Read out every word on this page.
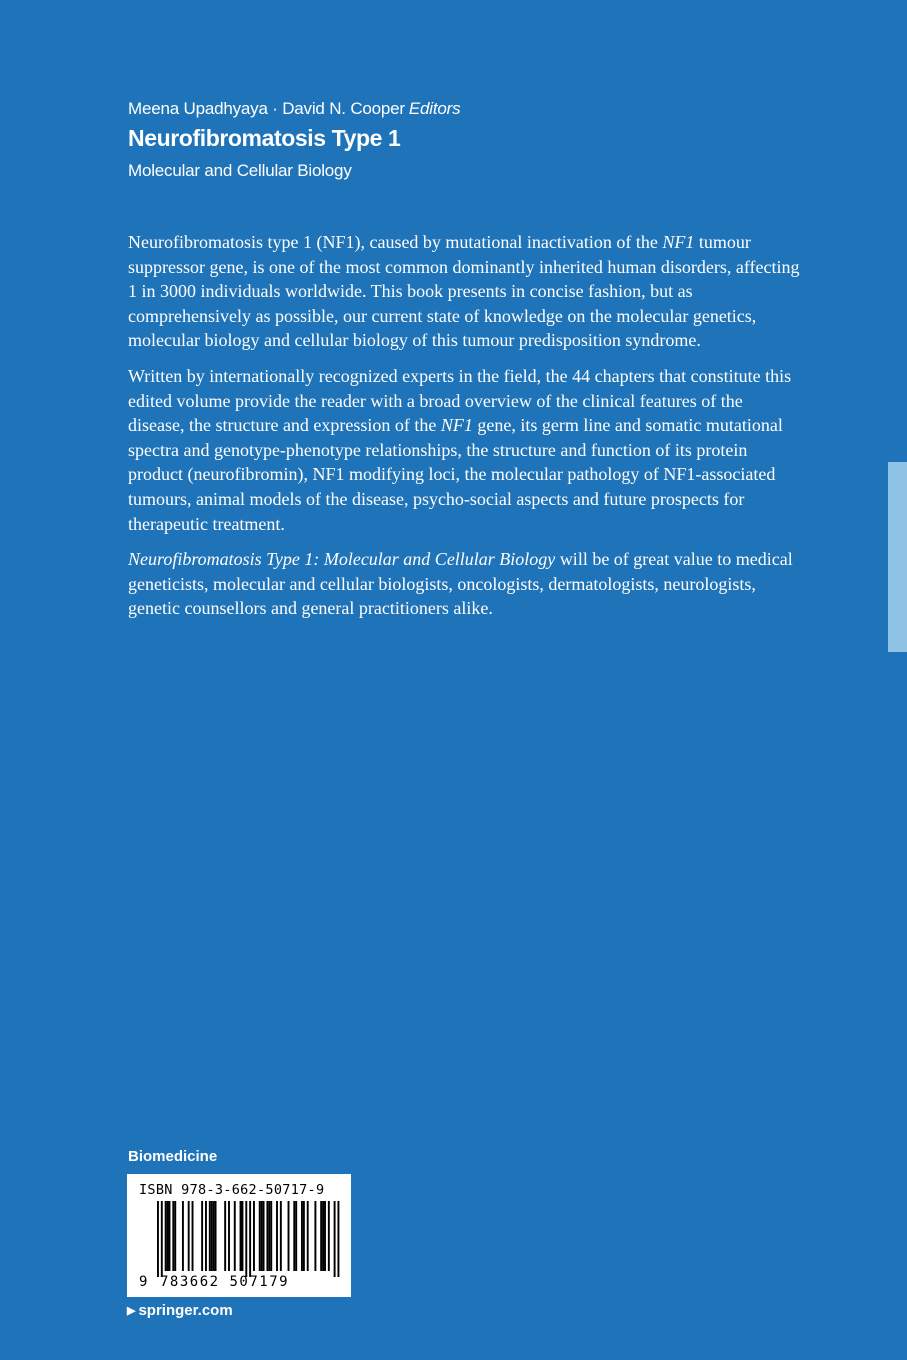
Meena Upadhyaya · David N. Cooper Editors
Neurofibromatosis Type 1
Molecular and Cellular Biology

Neurofibromatosis type 1 (NF1), caused by mutational inactivation of the NF1 tumour suppressor gene, is one of the most common dominantly inherited human disorders, affecting 1 in 3000 individuals worldwide. This book presents in concise fashion, but as comprehensively as possible, our current state of knowledge on the molecular genetics, molecular biology and cellular biology of this tumour predisposition syndrome.

Written by internationally recognized experts in the field, the 44 chapters that constitute this edited volume provide the reader with a broad overview of the clinical features of the disease, the structure and expression of the NF1 gene, its germ line and somatic mutational spectra and genotype-phenotype relationships, the structure and function of its protein product (neurofibromin), NF1 modifying loci, the molecular pathology of NF1-associated tumours, animal models of the disease, psycho-social aspects and future prospects for therapeutic treatment.

Neurofibromatosis Type 1: Molecular and Cellular Biology will be of great value to medical geneticists, molecular and cellular biologists, oncologists, dermatologists, neurologists, genetic counsellors and general practitioners alike.

Biomedicine
ISBN 978-3-662-50717-9
9 783662 507179
▶ springer.com
